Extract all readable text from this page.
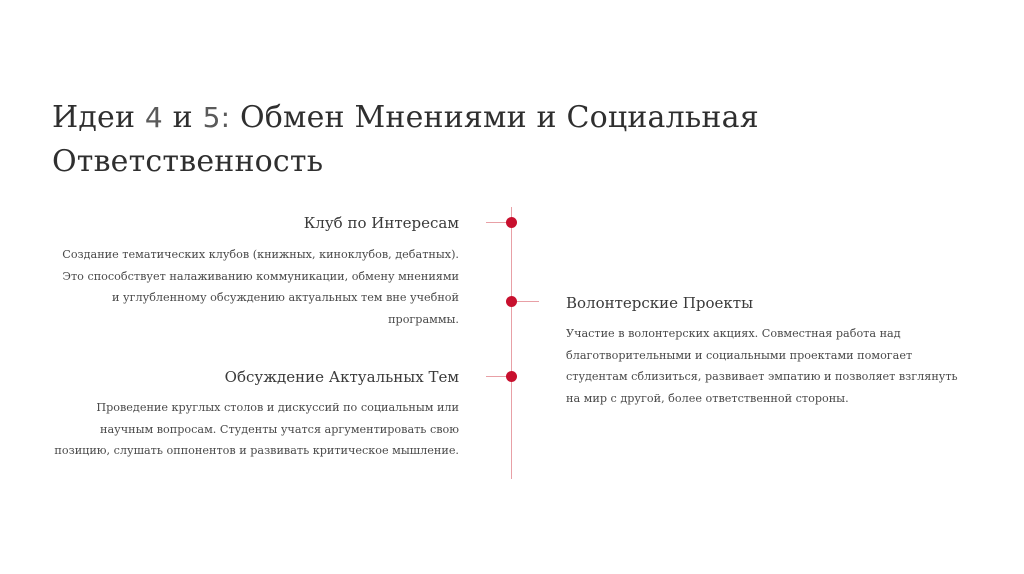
Идеи 4 и 5: Обмен Мнениями и Социальная Ответственность
Клуб по Интересам

Создание тематических клубов (книжных, киноклубов, дебатных). Это способствует налаживанию коммуникации, обмену мнениями и углубленному обсуждению актуальных тем вне учебной программы.

Волонтерские Проекты

Участие в волонтерских акциях. Совместная работа над благотворительными и социальными проектами помогает студентам сблизиться, развивает эмпатию и позволяет взглянуть на мир с другой, более ответственной стороны.

Обсуждение Актуальных Тем

Проведение круглых столов и дискуссий по социальным или научным вопросам. Студенты учатся аргументировать свою позицию, слушать оппонентов и развивать критическое мышление.
